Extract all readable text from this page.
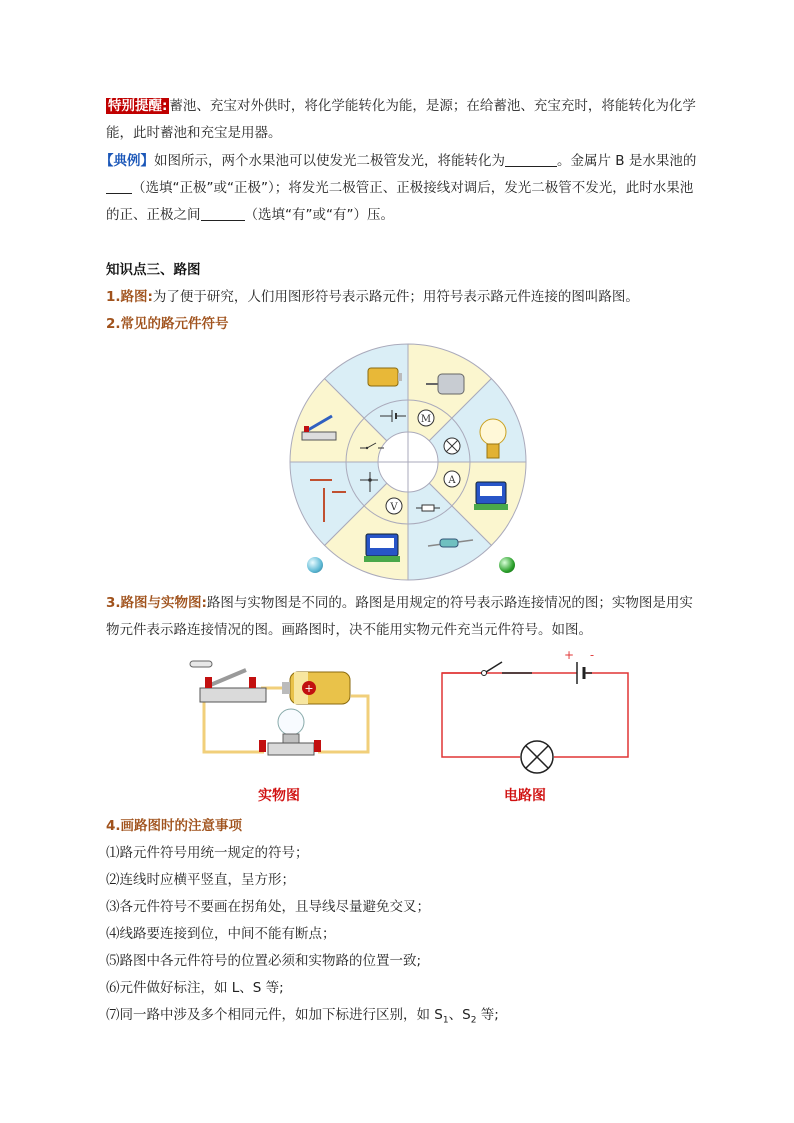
特别提醒: 蓄池、充宝对外供时，将化学能转化为能，是源；在给蓄池、充宝充时，将能转化为化学
能，此时蓄池和充宝是用器。
【典例】如图所示，两个水果池可以使发光二极管发光，将能转化为	。金属片 B 是水果池的
（选填“正极”或“正极”）；将发光二极管正、正极接线对调后，发光二极管不发光，此时水果池
的正、正极之间	（选填“有”或“有”）压。
知识点三、路图
1.路图:为了便于研究，人们用图形符号表示路元件；用符号表示路元件连接的图叫路图。
2.常见的路元件符号
M
A
V
3.路图与实物图:路图与实物图是不同的。路图是用规定的符号表示路连接情况的图；实物图是用实
物元件表示路连接情况的图。画路图时，决不能用实物元件充当元件符号。如图。
+
+ -
实物图	电路图
4.画路图时的注意事项
⑴路元件符号用统一规定的符号；
⑵连线时应横平竖直，呈方形；
⑶各元件符号不要画在拐角处，且导线尽量避免交叉；
⑷线路要连接到位，中间不能有断点；
⑸路图中各元件符号的位置必须和实物路的位置一致;
⑹元件做好标注，如 L、S 等;
⑺同一路中涉及多个相同元件，如加下标进行区别，如 $S_1$、$S_2$ 等;
